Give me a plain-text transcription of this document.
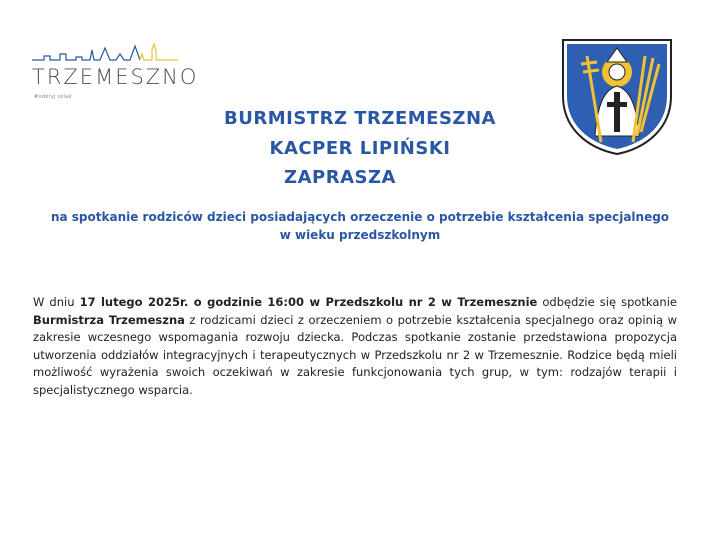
TRZEMESZNO
#odkryj szlak
BURMISTRZ TRZEMESZNA
KACPER LIPIŃSKI
ZAPRASZA
na spotkanie rodziców dzieci posiadających orzeczenie o potrzebie kształcenia specjalnego
w wieku przedszkolnym
W dniu 17 lutego 2025r. o godzinie 16:00 w Przedszkolu nr 2 w Trzemesznie odbędzie się spotkanie Burmistrza Trzemeszna z rodzicami dzieci z orzeczeniem o potrzebie kształcenia specjalnego oraz opinią w zakresie wczesnego wspomagania rozwoju dziecka. Podczas spotkanie zostanie przedstawiona propozycja utworzenia oddziałów integracyjnych i terapeutycznych w Przedszkolu nr 2 w Trzemesznie. Rodzice będą mieli możliwość wyrażenia swoich oczekiwań w zakresie funkcjonowania tych grup, w tym: rodzajów terapii i specjalistycznego wsparcia.
